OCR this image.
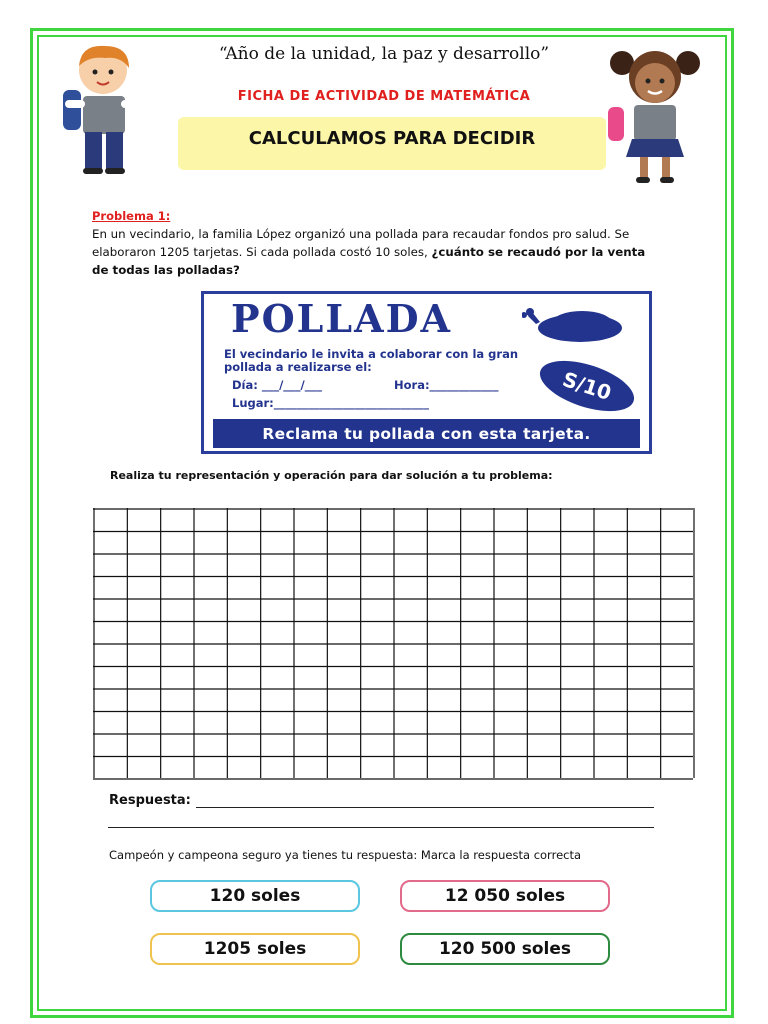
“Año de la unidad, la paz y desarrollo”
FICHA DE ACTIVIDAD DE MATEMÁTICA
CALCULAMOS PARA DECIDIR
Problema 1:
En un vecindario, la familia López organizó una pollada para recaudar fondos pro salud. Se elaboraron 1205 tarjetas. Si cada pollada costó 10 soles, ¿cuánto se recaudó por la venta de todas las polladas?
POLLADA
El vecindario le invita a colaborar con la gran
pollada a realizarse el:
Día: ___/___/___	Hora:____________
Lugar:___________________________	S/10
Reclama tu pollada con esta tarjeta.
Realiza tu representación y operación para dar solución a tu problema:
Respuesta:
Campeón y campeona seguro ya tienes tu respuesta: Marca la respuesta correcta
120 soles	12 050 soles
1205 soles	120 500 soles
